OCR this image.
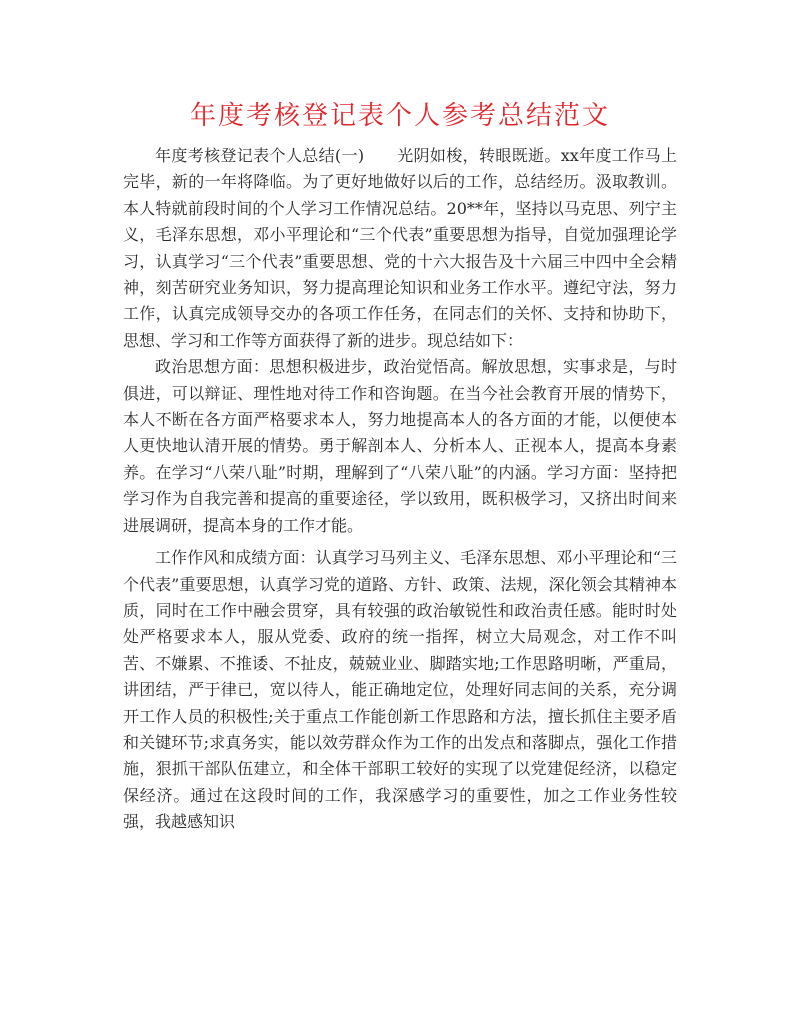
年度考核登记表个人参考总结范文

年度考核登记表个人总结(一)　　 光阴如梭，转眼既逝。xx年度工作马上完毕，新的一年将降临。为了更好地做好以后的工作，总结经历。汲取教训。本人特就前段时间的个人学习工作情况总结。20**年，坚持以马克思、列宁主义，毛泽东思想，邓小平理论和“三个代表”重要思想为指导，自觉加强理论学习，认真学习“三个代表”重要思想、党的十六大报告及十六届三中四中全会精神，刻苦研究业务知识，努力提高理论知识和业务工作水平。遵纪守法，努力工作，认真完成领导交办的各项工作任务，在同志们的关怀、支持和协助下，思想、学习和工作等方面获得了新的进步。现总结如下：

政治思想方面：思想积极进步，政治觉悟高。解放思想，实事求是，与时俱进，可以辩证、理性地对待工作和咨询题。在当今社会教育开展的情势下，本人不断在各方面严格要求本人，努力地提高本人的各方面的才能，以便使本人更快地认清开展的情势。勇于解剖本人、分析本人、正视本人，提高本身素养。在学习“八荣八耻”时期，理解到了“八荣八耻”的内涵。学习方面：坚持把学习作为自我完善和提高的重要途径，学以致用，既积极学习，又挤出时间来进展调研，提高本身的工作才能。

工作作风和成绩方面：认真学习马列主义、毛泽东思想、邓小平理论和“三个代表”重要思想，认真学习党的道路、方针、政策、法规，深化领会其精神本质，同时在工作中融会贯穿，具有较强的政治敏锐性和政治责任感。能时时处处严格要求本人，服从党委、政府的统一指挥，树立大局观念，对工作不叫苦、不嫌累、不推诿、不扯皮，兢兢业业、脚踏实地;工作思路明晰，严重局，讲团结，严于律已，宽以待人，能正确地定位，处理好同志间的关系，充分调开工作人员的积极性;关于重点工作能创新工作思路和方法，擅长抓住主要矛盾和关键环节;求真务实，能以效劳群众作为工作的出发点和落脚点，强化工作措施，狠抓干部队伍建立，和全体干部职工较好的实现了以党建促经济，以稳定保经济。通过在这段时间的工作，我深感学习的重要性，加之工作业务性较强，我越感知识
